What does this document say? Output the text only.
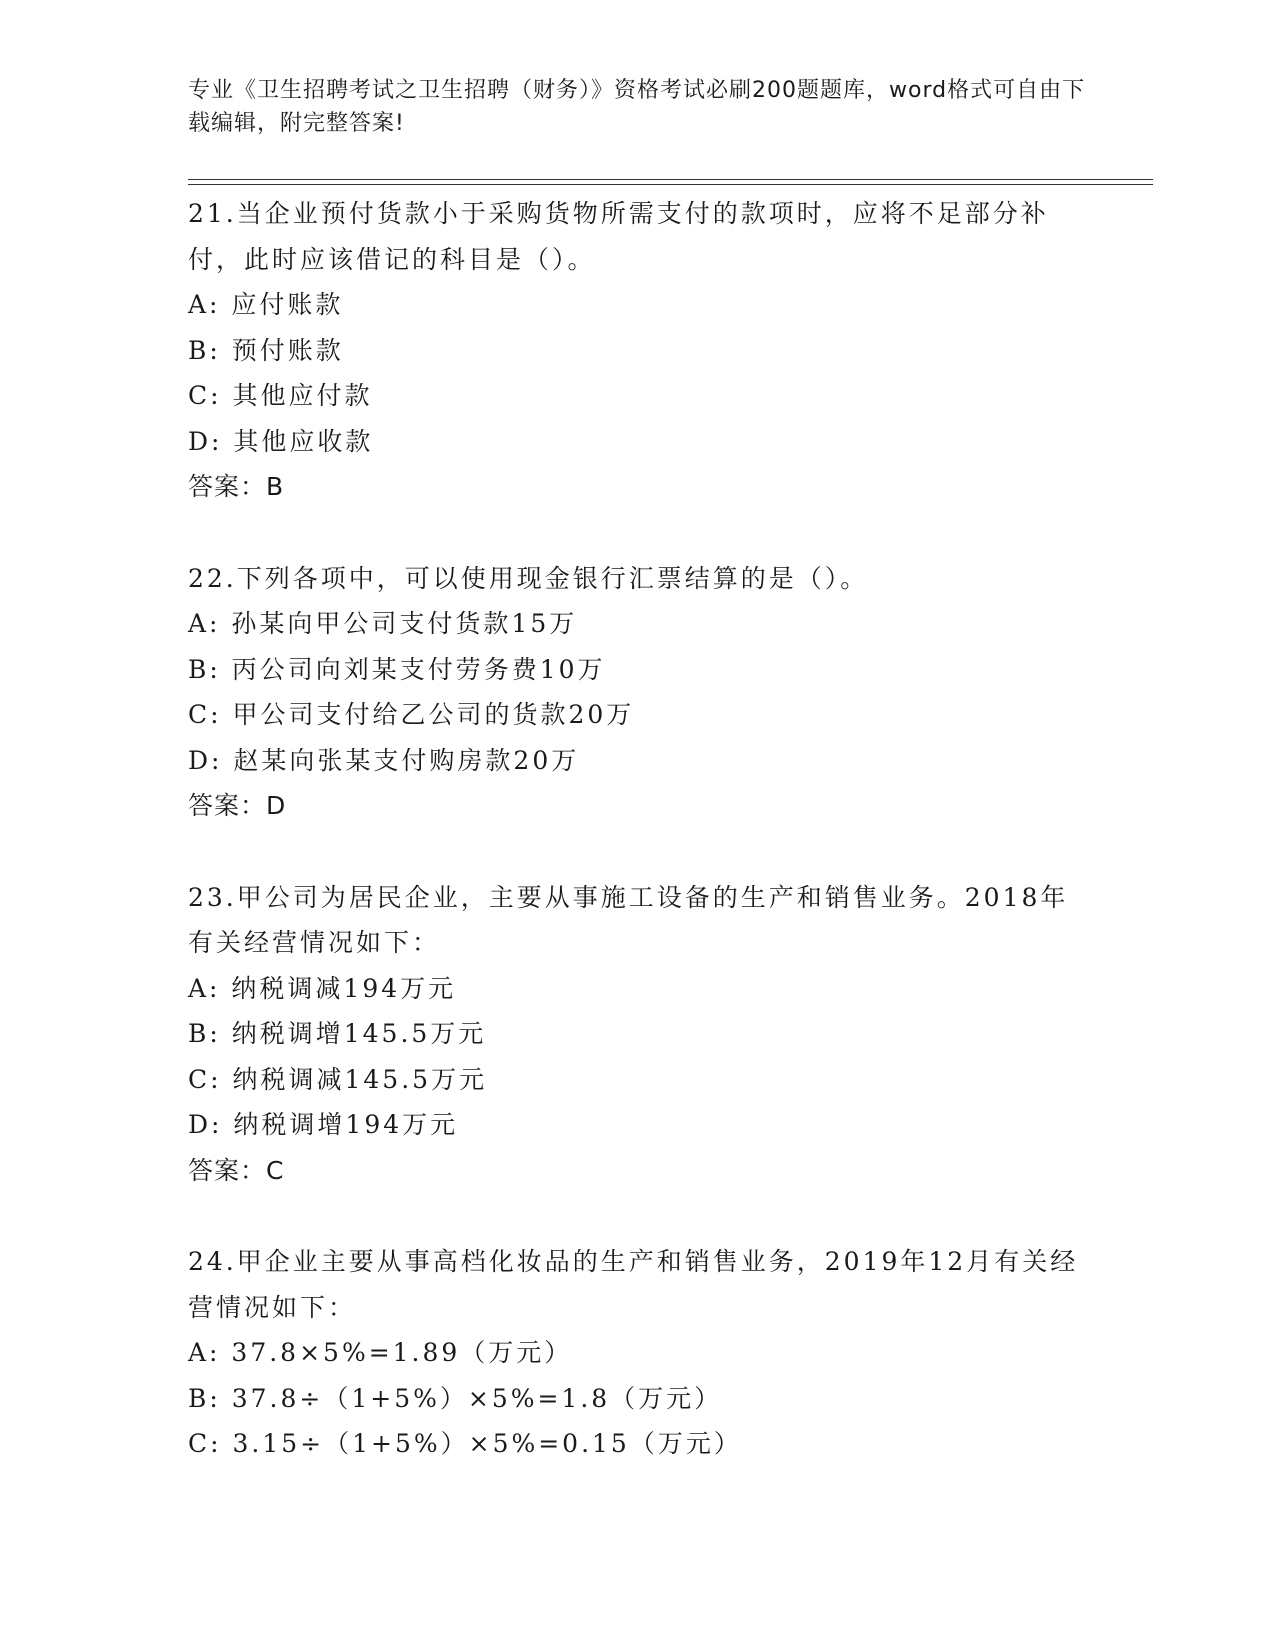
专业《卫生招聘考试之卫生招聘（财务）》资格考试必刷200题题库，word格式可自由下载编辑，附完整答案!
21.当企业预付货款小于采购货物所需支付的款项时，应将不足部分补付，此时应该借记的科目是（）。
A: 应付账款
B: 预付账款
C: 其他应付款
D: 其他应收款
答案：B
22.下列各项中，可以使用现金银行汇票结算的是（）。
A: 孙某向甲公司支付货款15万
B: 丙公司向刘某支付劳务费10万
C: 甲公司支付给乙公司的货款20万
D: 赵某向张某支付购房款20万
答案：D
23.甲公司为居民企业，主要从事施工设备的生产和销售业务。2018年有关经营情况如下：
A: 纳税调减194万元
B: 纳税调增145.5万元
C: 纳税调减145.5万元
D: 纳税调增194万元
答案：C
24.甲企业主要从事高档化妆品的生产和销售业务，2019年12月有关经营情况如下：
A: 37.8×5%=1.89（万元）
B: 37.8÷（1+5%）×5%=1.8（万元）
C: 3.15÷（1+5%）×5%=0.15（万元）
